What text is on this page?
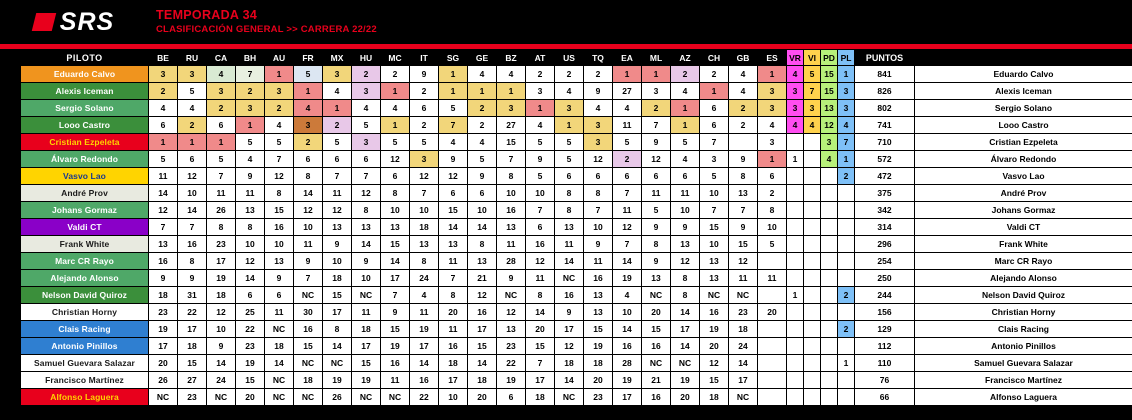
SRS	TEMPORADA 34
CLASIFICACIÓN GENERAL >> CARRERA 22/22
	PILOTO	BE	RU	CA	BH	AU	FR	MX	HU	MC	IT	SG	GE	BZ	AT	US	TQ	EA	ML	AZ	CH	GB	ES	VR	VI	PD	PL	PUNTOS	
1	Eduardo Calvo	3	3	4	7	1	5	3	2	2	9	1	4	4	2	2	2	1	1	2	2	4	1	4	5	15	1	841	Eduardo Calvo
2	Alexis Iceman	2	5	3	2	3	1	4	3	1	2	1	1	1	3	4	9	27	3	4	1	4	3	3	7	15	3	826	Alexis Iceman
3	Sergio Solano	4	4	2	3	2	4	1	4	4	6	5	2	3	1	3	4	4	2	1	6	2	3	3	3	13	3	802	Sergio Solano
4	Looo Castro	6	2	6	1	4	3	2	5	1	2	7	2	27	4	1	3	11	7	1	6	2	4	4	4	12	4	741	Looo Castro
5	Cristian Ezpeleta	1	1	1	5	5	2	5	3	5	5	4	4	15	5	5	3	5	9	5	7		3			3	7	710	Cristian Ezpeleta
6	Álvaro Redondo	5	6	5	4	7	6	6	6	12	3	9	5	7	9	5	12	2	12	4	3	9	1	1		4	1	572	Álvaro Redondo
7	Vasvo Lao	11	12	7	9	12	8	7	7	6	12	12	9	8	5	6	6	6	6	6	5	8	6				2	472	Vasvo Lao
8	André Prov	14	10	11	11	8	14	11	12	8	7	6	6	10	10	8	8	7	11	11	10	13	2					375	André Prov
9	Johans Gormaz	12	14	26	13	15	12	12	8	10	10	15	10	16	7	8	7	11	5	10	7	7	8					342	Johans Gormaz
10	Valdi CT	7	7	8	8	16	10	13	13	13	18	14	14	13	6	13	10	12	9	9	15	9	10					314	Valdi CT
11	Frank White	13	16	23	10	10	11	9	14	15	13	13	8	11	16	11	9	7	8	13	10	15	5					296	Frank White
12	Marc CR Rayo	16	8	17	12	13	9	10	9	14	8	11	13	28	12	14	11	14	9	12	13	12						254	Marc CR Rayo
13	Alejando Alonso	9	9	19	14	9	7	18	10	17	24	7	21	9	11	NC	16	19	13	8	13	11	11					250	Alejando Alonso
14	Nelson David Quiroz	18	31	18	6	6	NC	15	NC	7	4	8	12	NC	8	16	13	4	NC	8	NC	NC		1			2	244	Nelson David Quiroz
15	Christian Horny	23	22	12	25	11	30	17	11	9	11	20	16	12	14	9	13	10	20	14	16	23	20					156	Christian Horny
16	Clais Racing	19	17	10	22	NC	16	8	18	15	19	11	17	13	20	17	15	14	15	17	19	18					2	129	Clais Racing
17	Antonio Pinillos	17	18	9	23	18	15	14	17	19	17	16	15	23	15	12	19	16	16	14	20	24						112	Antonio Pinillos
18	Samuel Guevara Salazar	20	15	14	19	14	NC	NC	15	16	14	18	14	22	7	18	18	28	NC	NC	12	14					1	110	Samuel Guevara Salazar
19	Francisco Martínez	26	27	24	15	NC	18	19	19	11	16	17	18	19	17	14	20	19	21	19	15	17						76	Francisco Martínez
20	Alfonso Laguera	NC	23	NC	20	NC	NC	26	NC	NC	22	10	20	6	18	NC	23	17	16	20	18	NC						66	Alfonso Laguera
